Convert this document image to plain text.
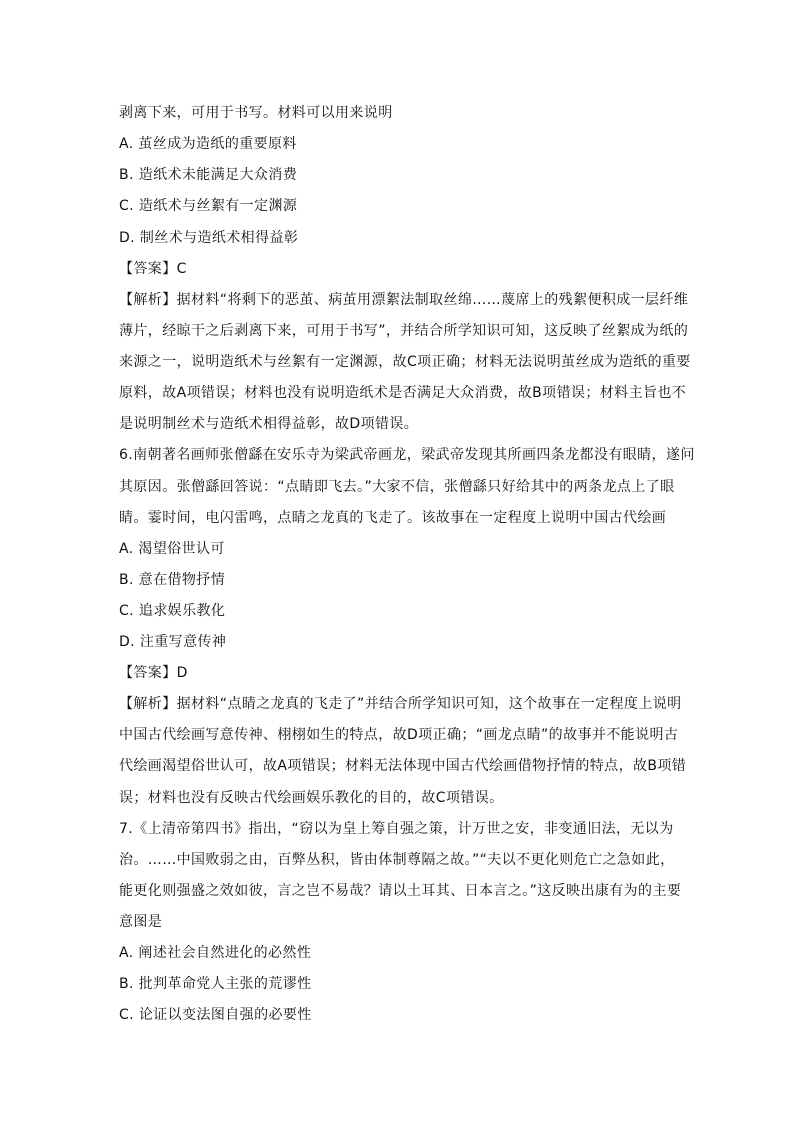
剥离下来，可用于书写。材料可以用来说明
A. 茧丝成为造纸的重要原料
B. 造纸术未能满足大众消费
C. 造纸术与丝絮有一定渊源
D. 制丝术与造纸术相得益彰
【答案】C
【解析】据材料“将剩下的恶茧、病茧用漂絮法制取丝绵……蔑席上的残絮便积成一层纤维
薄片，经晾干之后剥离下来，可用于书写”，并结合所学知识可知，这反映了丝絮成为纸的
来源之一，说明造纸术与丝絮有一定渊源，故C项正确；材料无法说明茧丝成为造纸的重要
原料，故A项错误；材料也没有说明造纸术是否满足大众消费，故B项错误；材料主旨也不
是说明制丝术与造纸术相得益彰，故D项错误。
6.南朝著名画师张僧繇在安乐寺为梁武帝画龙，梁武帝发现其所画四条龙都没有眼睛，遂问
其原因。张僧繇回答说：“点睛即飞去。”大家不信，张僧繇只好给其中的两条龙点上了眼
睛。霎时间，电闪雷鸣，点睛之龙真的飞走了。该故事在一定程度上说明中国古代绘画
A. 渴望俗世认可
B. 意在借物抒情
C. 追求娱乐教化
D. 注重写意传神
【答案】D
【解析】据材料“点睛之龙真的飞走了”并结合所学知识可知，这个故事在一定程度上说明
中国古代绘画写意传神、栩栩如生的特点，故D项正确；“画龙点睛”的故事并不能说明古
代绘画渴望俗世认可，故A项错误；材料无法体现中国古代绘画借物抒情的特点，故B项错
误；材料也没有反映古代绘画娱乐教化的目的，故C项错误。
7.《上清帝第四书》指出，“窃以为皇上筹自强之策，计万世之安，非变通旧法，无以为
治。……中国败弱之由，百弊丛积，皆由体制尊隔之故。”“夫以不更化则危亡之急如此，
能更化则强盛之效如彼，言之岂不易哉？请以土耳其、日本言之。”这反映出康有为的主要
意图是
A. 阐述社会自然进化的必然性
B. 批判革命党人主张的荒谬性
C. 论证以变法图自强的必要性
